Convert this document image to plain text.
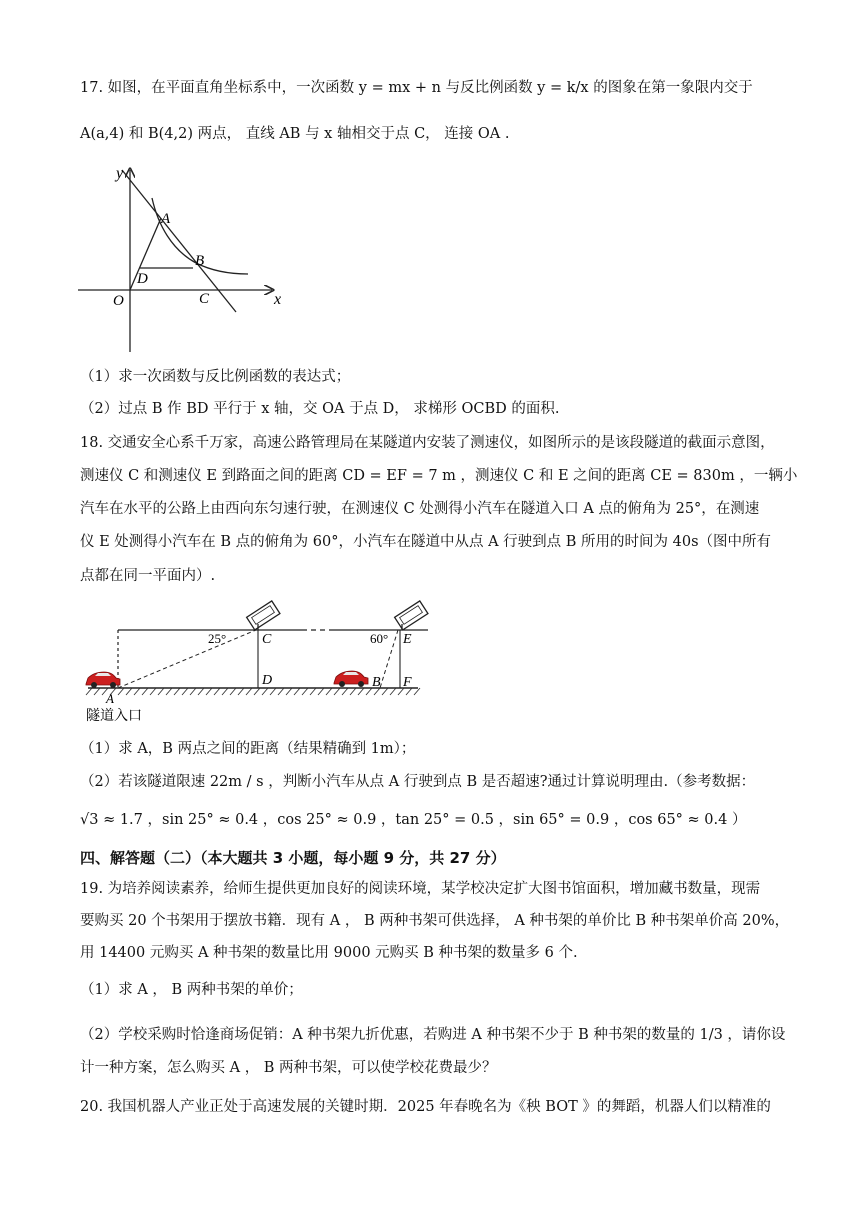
17. 如图，在平面直角坐标系中，一次函数 y = mx + n 与反比例函数 y = k/x 的图象在第一象限内交于
A(a,4) 和 B(4,2) 两点， 直线 AB 与 x 轴相交于点 C， 连接 OA .
y
A
B
D
O	C	x
（1）求一次函数与反比例函数的表达式；
（2）过点 B 作 BD 平行于 x 轴，交 OA 于点 D， 求梯形 OCBD 的面积.
18. 交通安全心系千万家，高速公路管理局在某隧道内安装了测速仪，如图所示的是该段隧道的截面示意图，
测速仪 C 和测速仪 E 到路面之间的距离 CD = EF = 7 m ，测速仪 C 和 E 之间的距离 CE = 830m ，一辆小
汽车在水平的公路上由西向东匀速行驶，在测速仪 C 处测得小汽车在隧道入口 A 点的俯角为 25°，在测速
仪 E 处测得小汽车在 B 点的俯角为 60°，小汽车在隧道中从点 A 行驶到点 B 所用的时间为 40s（图中所有
点都在同一平面内）.
25°	C	60° E
D	B F
A
隧道入口
（1）求 A，B 两点之间的距离（结果精确到 1m）；
（2）若该隧道限速 22m / s ，判断小汽车从点 A 行驶到点 B 是否超速?通过计算说明理由.（参考数据：
√3 ≈ 1.7 ，sin 25° ≈ 0.4 ，cos 25° ≈ 0.9 ，tan 25° = 0.5 ，sin 65° = 0.9 ，cos 65° ≈ 0.4 ）
四、解答题（二）（本大题共 3 小题，每小题 9 分，共 27 分）
19. 为培养阅读素养，给师生提供更加良好的阅读环境，某学校决定扩大图书馆面积，增加藏书数量，现需
要购买 20 个书架用于摆放书籍．现有 A ， B 两种书架可供选择， A 种书架的单价比 B 种书架单价高 20%，
用 14400 元购买 A 种书架的数量比用 9000 元购买 B 种书架的数量多 6 个.
（1）求 A ， B 两种书架的单价；
（2）学校采购时恰逢商场促销：A 种书架九折优惠，若购进 A 种书架不少于 B 种书架的数量的 1/3 ，请你设
计一种方案，怎么购买 A ， B 两种书架，可以使学校花费最少？
20. 我国机器人产业正处于高速发展的关键时期．2025 年春晚名为《秧 BOT 》的舞蹈，机器人们以精准的
